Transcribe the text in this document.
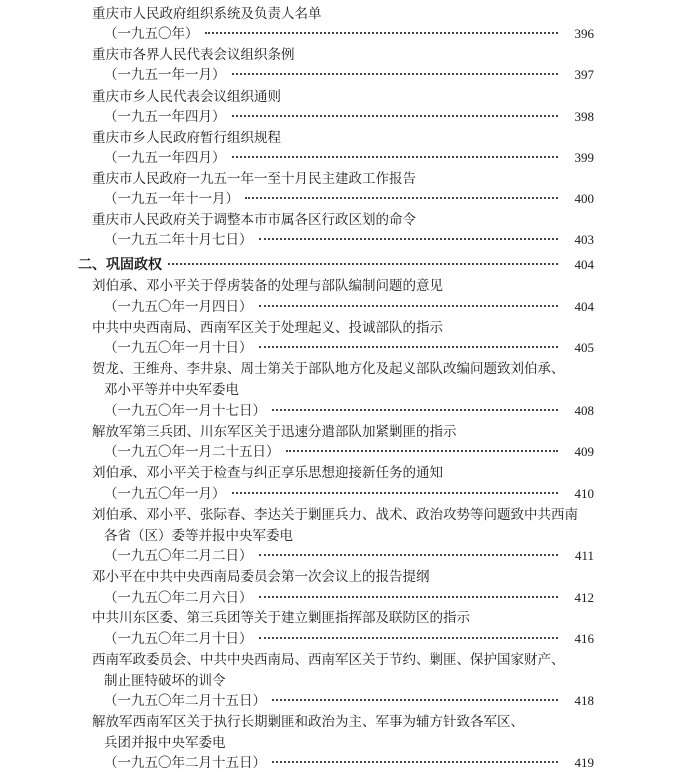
重庆市人民政府组织系统及负责人名单
（一九五〇年）	396
重庆市各界人民代表会议组织条例
（一九五一年一月）	397
重庆市乡人民代表会议组织通则
（一九五一年四月）	398
重庆市乡人民政府暂行组织规程
（一九五一年四月）	399
重庆市人民政府一九五一年一至十月民主建政工作报告
（一九五一年十一月）	400
重庆市人民政府关于调整本市市属各区行政区划的命令
（一九五二年十月七日）	403
二、巩固政权	404
刘伯承、邓小平关于俘虏装备的处理与部队编制问题的意见
（一九五〇年一月四日）	404
中共中央西南局、西南军区关于处理起义、投诚部队的指示
（一九五〇年一月十日）	405
贺龙、王维舟、李井泉、周士第关于部队地方化及起义部队改编问题致刘伯承、
邓小平等并中央军委电
（一九五〇年一月十七日）	408
解放军第三兵团、川东军区关于迅速分遣部队加紧剿匪的指示
（一九五〇年一月二十五日）	409
刘伯承、邓小平关于检查与纠正享乐思想迎接新任务的通知
（一九五〇年一月）	410
刘伯承、邓小平、张际春、李达关于剿匪兵力、战术、政治攻势等问题致中共西南
各省（区）委等并报中央军委电
（一九五〇年二月二日）	411
邓小平在中共中央西南局委员会第一次会议上的报告提纲
（一九五〇年二月六日）	412
中共川东区委、第三兵团等关于建立剿匪指挥部及联防区的指示
（一九五〇年二月十日）	416
西南军政委员会、中共中央西南局、西南军区关于节约、剿匪、保护国家财产、
制止匪特破坏的训令
（一九五〇年二月十五日）	418
解放军西南军区关于执行长期剿匪和政治为主、军事为辅方针致各军区、
兵团并报中央军委电
（一九五〇年二月十五日）	419
